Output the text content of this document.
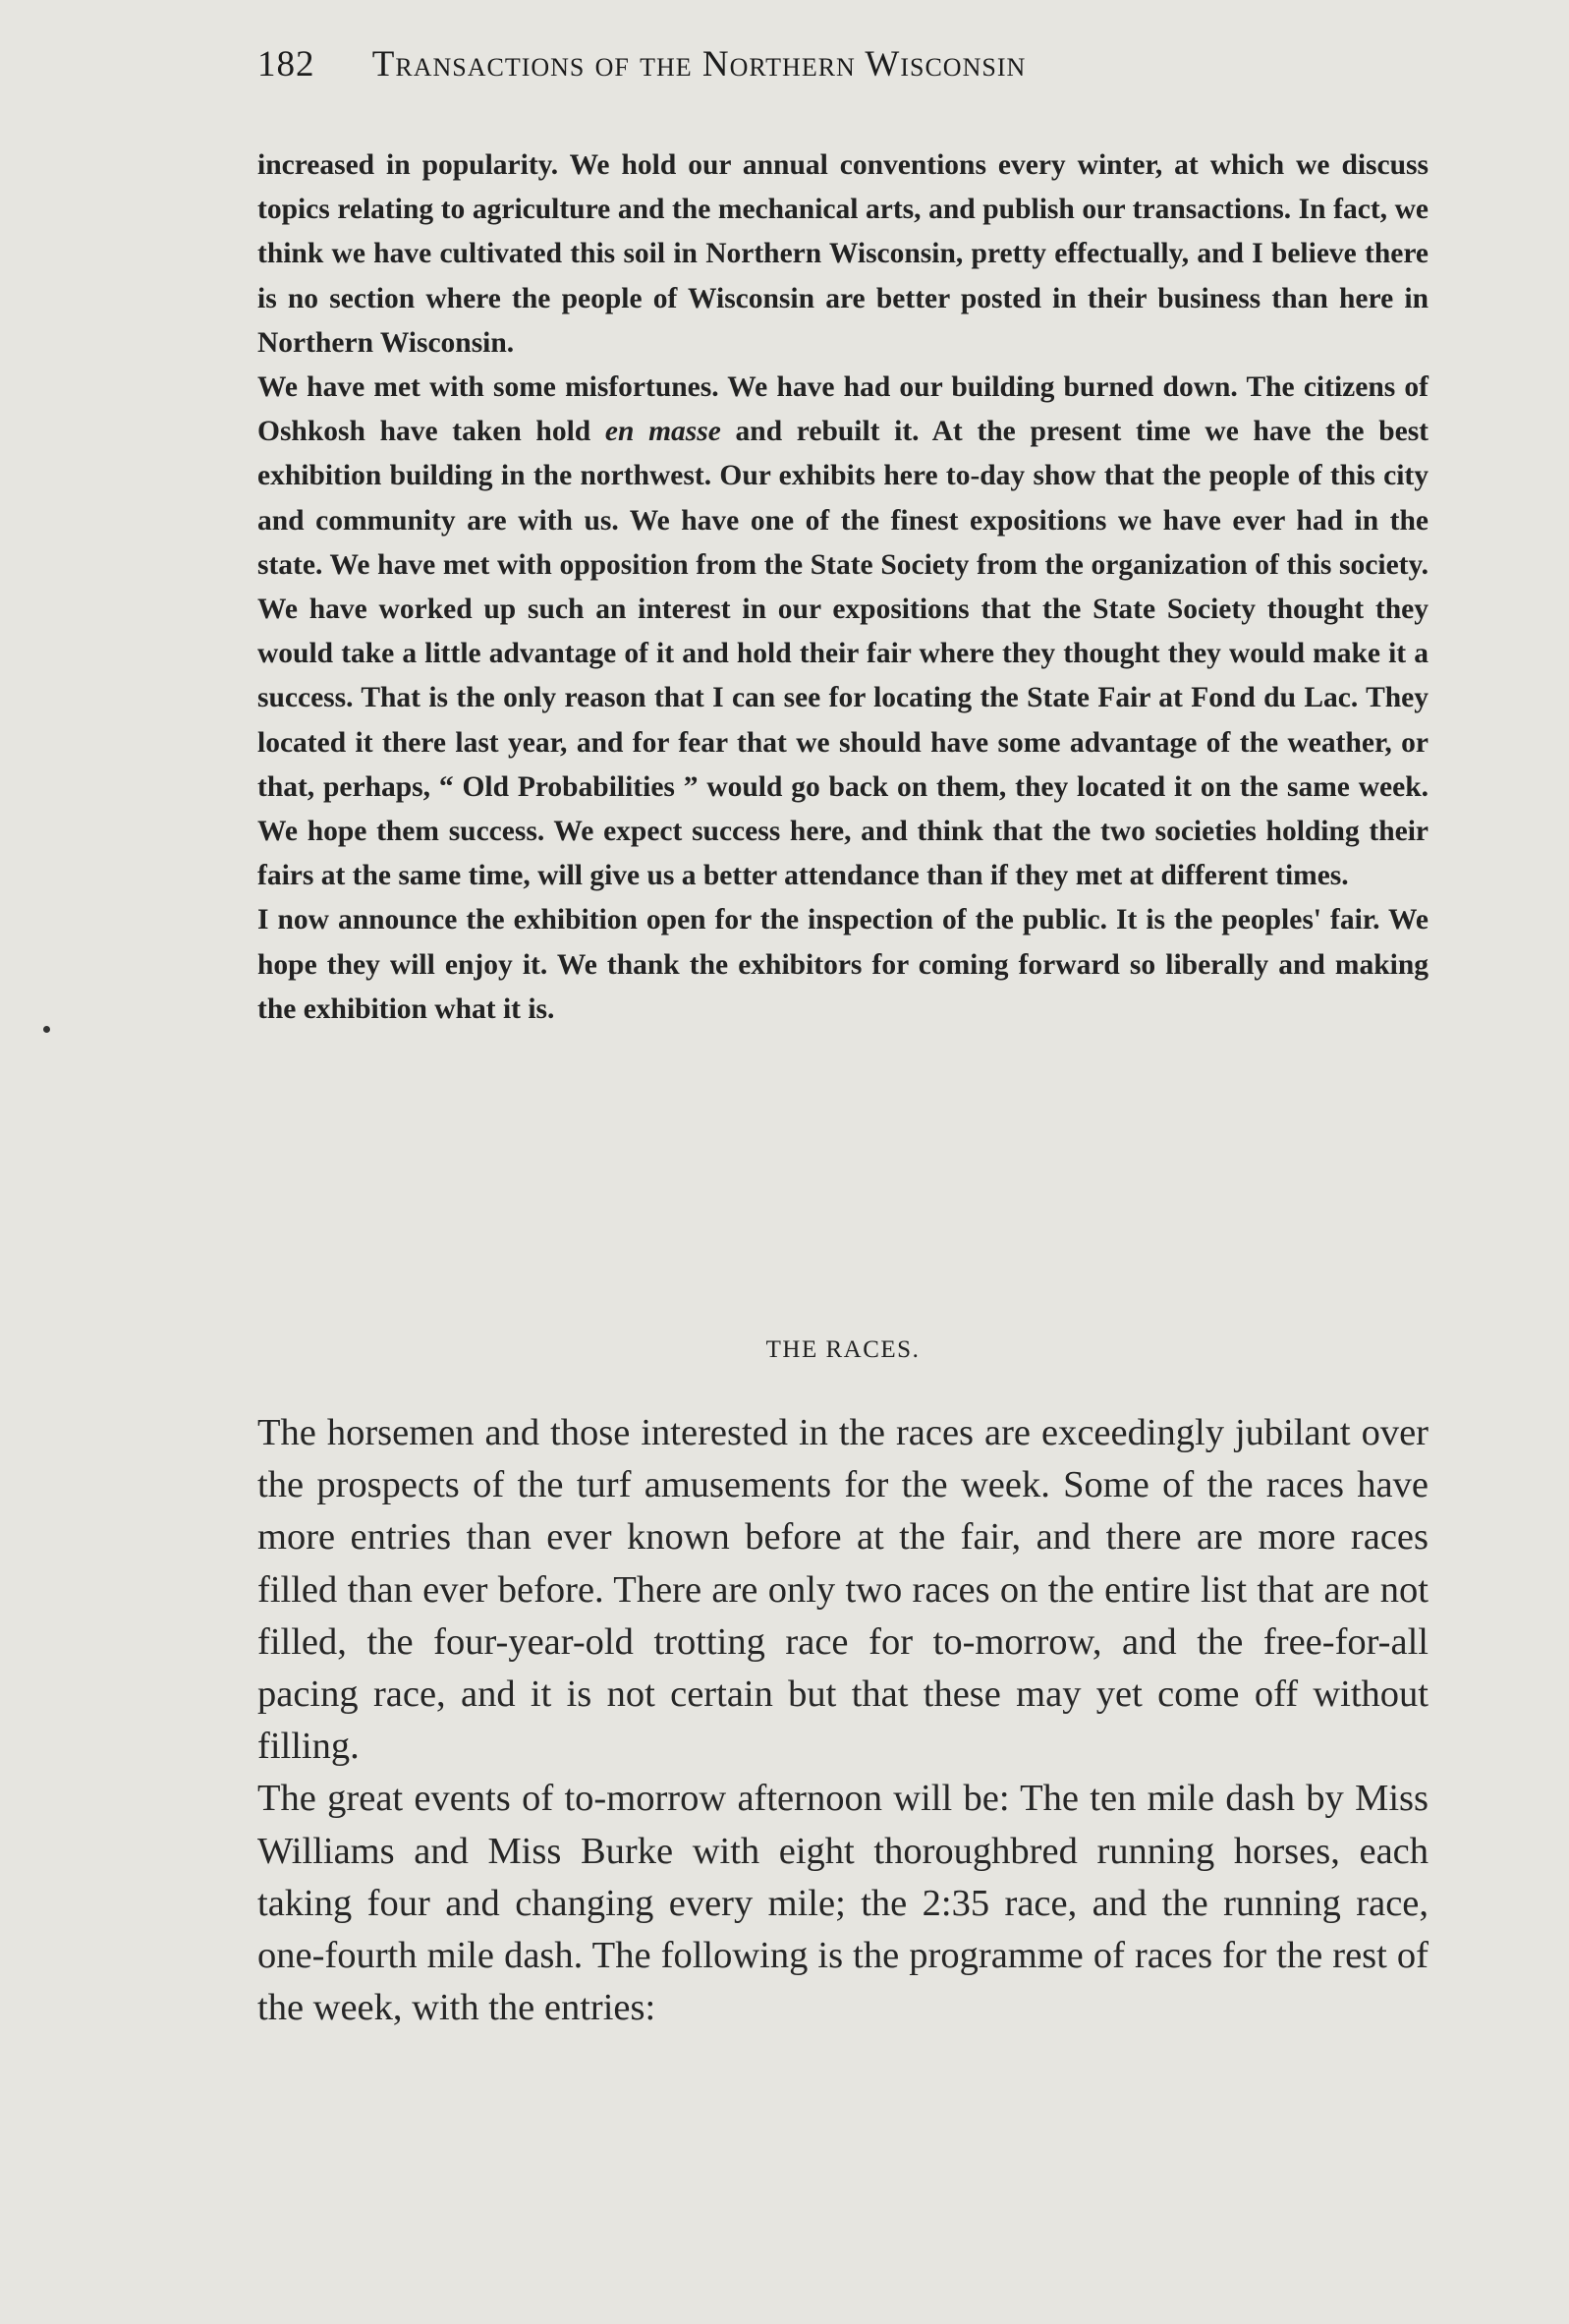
182 Transactions of the Northern Wisconsin

increased in popularity. We hold our annual conventions every winter, at which we discuss topics relating to agriculture and the mechanical arts, and publish our transactions. In fact, we think we have cultivated this soil in Northern Wisconsin, pretty effectually, and I believe there is no section where the people of Wisconsin are better posted in their business than here in Northern Wisconsin.

We have met with some misfortunes. We have had our building burned down. The citizens of Oshkosh have taken hold en masse and rebuilt it. At the present time we have the best exhibition building in the northwest. Our exhibits here to-day show that the people of this city and community are with us. We have one of the finest expositions we have ever had in the state. We have met with opposition from the State Society from the organization of this society. We have worked up such an interest in our expositions that the State Society thought they would take a little advantage of it and hold their fair where they thought they would make it a success. That is the only reason that I can see for locating the State Fair at Fond du Lac. They located it there last year, and for fear that we should have some advantage of the weather, or that, perhaps, “ Old Probabilities ” would go back on them, they located it on the same week. We hope them success. We expect success here, and think that the two societies holding their fairs at the same time, will give us a better attendance than if they met at different times.

I now announce the exhibition open for the inspection of the public. It is the peoples' fair. We hope they will enjoy it. We thank the exhibitors for coming forward so liberally and making the exhibition what it is.

THE RACES.

The horsemen and those interested in the races are exceedingly jubilant over the prospects of the turf amusements for the week. Some of the races have more entries than ever known before at the fair, and there are more races filled than ever before. There are only two races on the entire list that are not filled, the four-year-old trotting race for to-morrow, and the free-for-all pacing race, and it is not certain but that these may yet come off without filling.

The great events of to-morrow afternoon will be: The ten mile dash by Miss Williams and Miss Burke with eight thoroughbred running horses, each taking four and changing every mile; the 2:35 race, and the running race, one-fourth mile dash. The following is the programme of races for the rest of the week, with the entries:
